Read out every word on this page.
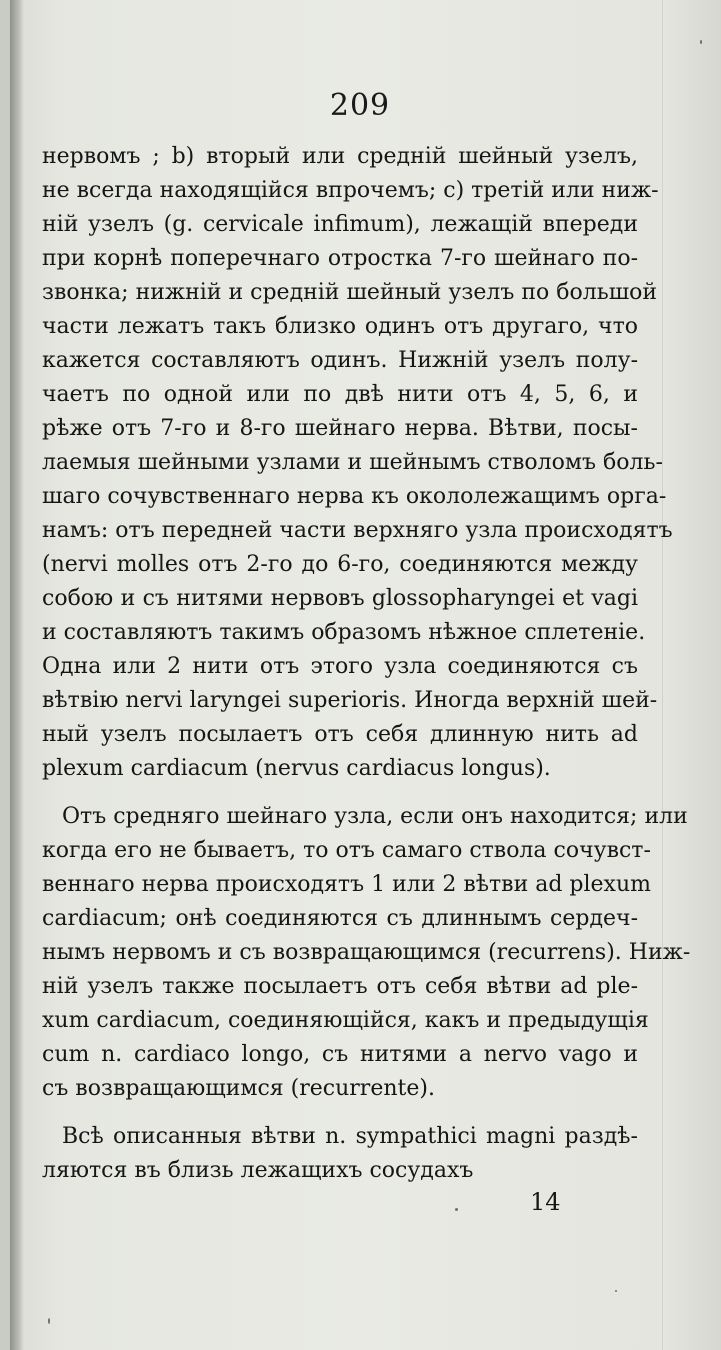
209
нервомъ ; b) вторый или средній шейный узелъ,
не всегда находящійся впрочемъ; c) третій или ниж-
ній узелъ (g. cervicale infimum), лежащій впереди
при корнѣ поперечнаго отростка 7-го шейнаго по-
звонка; нижній и средній шейный узелъ по большой
части лежатъ такъ близко одинъ отъ другаго, что
кажется составляютъ одинъ. Нижній узелъ полу-
чаетъ по одной или по двѣ нити отъ 4, 5, 6, и
рѣже отъ 7-го и 8-го шейнаго нерва. Вѣтви, посы-
лаемыя шейными узлами и шейнымъ стволомъ боль-
шаго сочувственнаго нерва къ окололежащимъ орга-
намъ: отъ передней части верхняго узла происходятъ
(nervi molles отъ 2-го до 6-го, соединяются между
собою и съ нитями нервовъ glossopharyngei et vagi
и составляютъ такимъ образомъ нѣжное сплетеніе.
Одна или 2 нити отъ этого узла соединяются съ
вѣтвію nervi laryngei superioris. Иногда верхній шей-
ный узелъ посылаетъ отъ себя длинную нить ad
plexum cardiacum (nervus cardiacus longus).
Отъ средняго шейнаго узла, если онъ находится; или
когда его не бываетъ, то отъ самаго ствола сочувст-
веннаго нерва происходятъ 1 или 2 вѣтви ad plexum
cardiacum; онѣ соединяются съ длиннымъ сердеч-
нымъ нервомъ и съ возвращающимся (recurrens). Ниж-
ній узелъ также посылаетъ отъ себя вѣтви ad ple-
xum cardiacum, соединяющійся, какъ и предыдущія
cum n. cardiaco longo, съ нитями a nervo vago и
съ возвращающимся (recurrente).
Всѣ описанныя вѣтви n. sympathici magni раздѣ-
ляются въ близь лежащихъ сосудахъ
14
